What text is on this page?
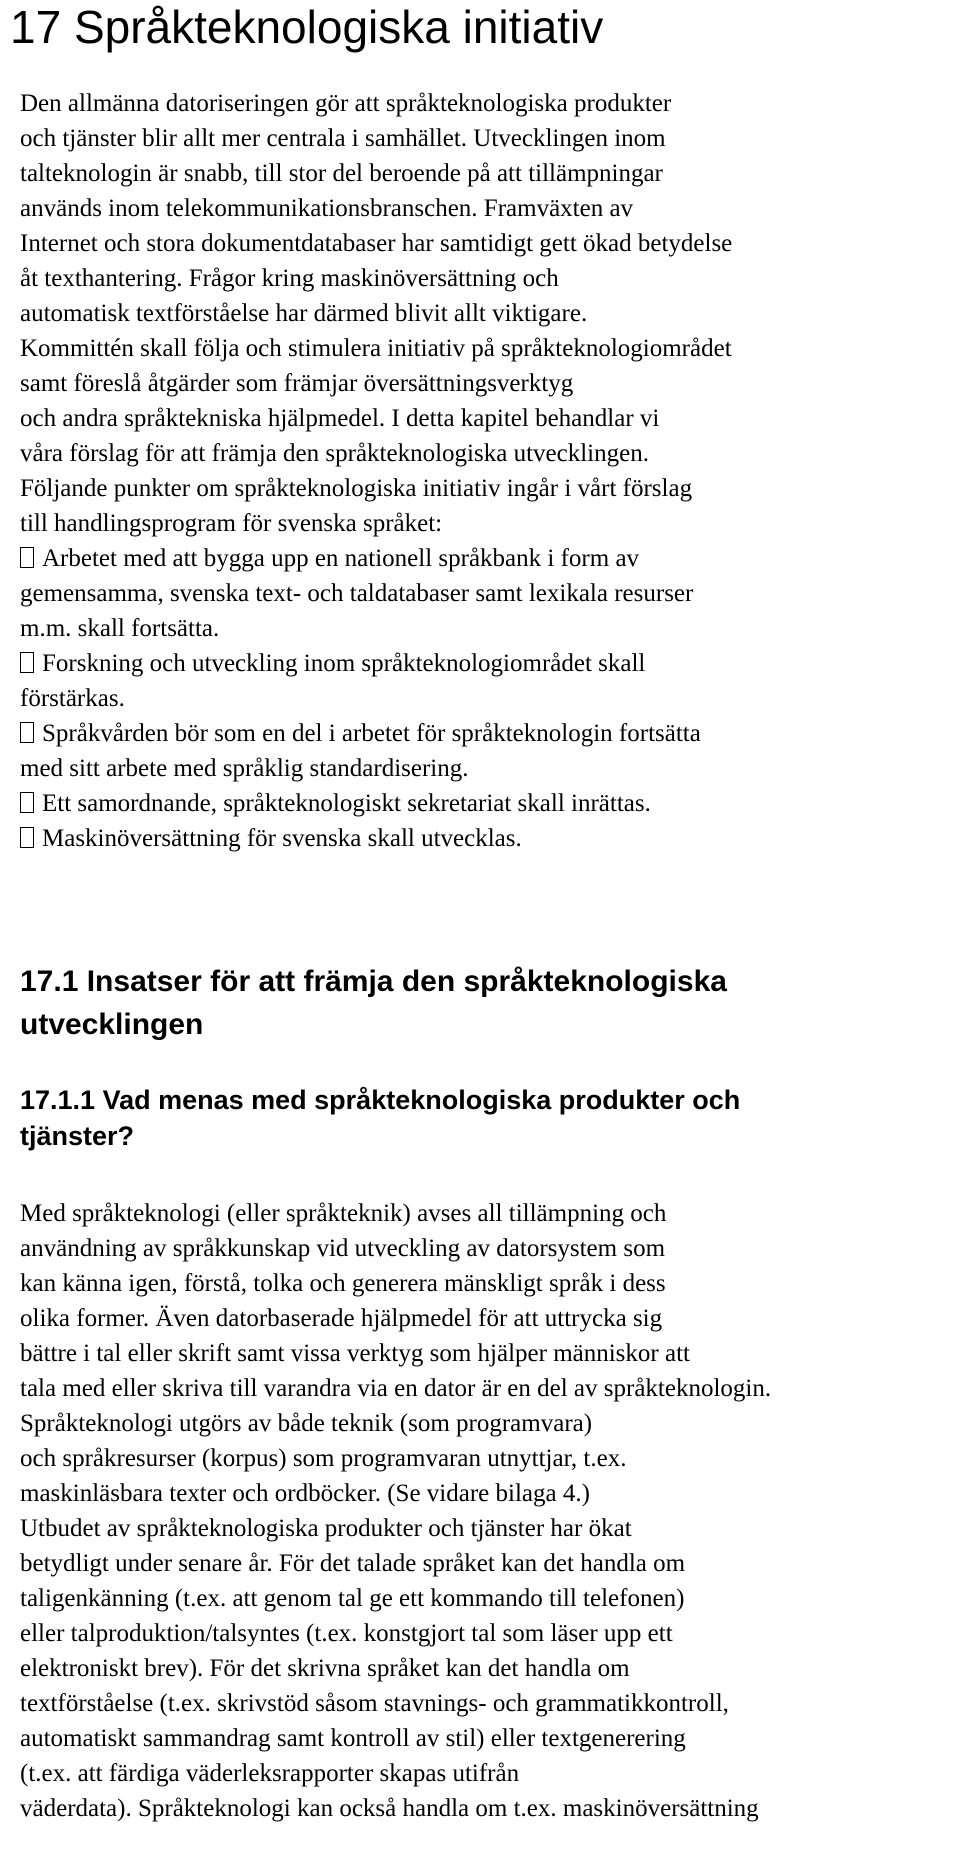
17 Språkteknologiska initiativ
Den allmänna datoriseringen gör att språkteknologiska produkter
och tjänster blir allt mer centrala i samhället. Utvecklingen inom
talteknologin är snabb, till stor del beroende på att tillämpningar
används inom telekommunikationsbranschen. Framväxten av
Internet och stora dokumentdatabaser har samtidigt gett ökad betydelse
åt texthantering. Frågor kring maskinöversättning och
automatisk textförståelse har därmed blivit allt viktigare.
Kommittén skall följa och stimulera initiativ på språkteknologiområdet
samt föreslå åtgärder som främjar översättningsverktyg
och andra språktekniska hjälpmedel. I detta kapitel behandlar vi
våra förslag för att främja den språkteknologiska utvecklingen.
Följande punkter om språkteknologiska initiativ ingår i vårt förslag
till handlingsprogram för svenska språket:
Arbetet med att bygga upp en nationell språkbank i form av
gemensamma, svenska text- och taldatabaser samt lexikala resurser
m.m. skall fortsätta.
Forskning och utveckling inom språkteknologiområdet skall
förstärkas.
Språkvården bör som en del i arbetet för språkteknologin fortsätta
med sitt arbete med språklig standardisering.
Ett samordnande, språkteknologiskt sekretariat skall inrättas.
Maskinöversättning för svenska skall utvecklas.
17.1 Insatser för att främja den språkteknologiska
utvecklingen
17.1.1 Vad menas med språkteknologiska produkter och
tjänster?
Med språkteknologi (eller språkteknik) avses all tillämpning och
användning av språkkunskap vid utveckling av datorsystem som
kan känna igen, förstå, tolka och generera mänskligt språk i dess
olika former. Även datorbaserade hjälpmedel för att uttrycka sig
bättre i tal eller skrift samt vissa verktyg som hjälper människor att
tala med eller skriva till varandra via en dator är en del av språkteknologin.
Språkteknologi utgörs av både teknik (som programvara)
och språkresurser (korpus) som programvaran utnyttjar, t.ex.
maskinläsbara texter och ordböcker. (Se vidare bilaga 4.)
Utbudet av språkteknologiska produkter och tjänster har ökat
betydligt under senare år. För det talade språket kan det handla om
taligenkänning (t.ex. att genom tal ge ett kommando till telefonen)
eller talproduktion/talsyntes (t.ex. konstgjort tal som läser upp ett
elektroniskt brev). För det skrivna språket kan det handla om
textförståelse (t.ex. skrivstöd såsom stavnings- och grammatikkontroll,
automatiskt sammandrag samt kontroll av stil) eller textgenerering
(t.ex. att färdiga väderleksrapporter skapas utifrån
väderdata). Språkteknologi kan också handla om t.ex. maskinöversättning
